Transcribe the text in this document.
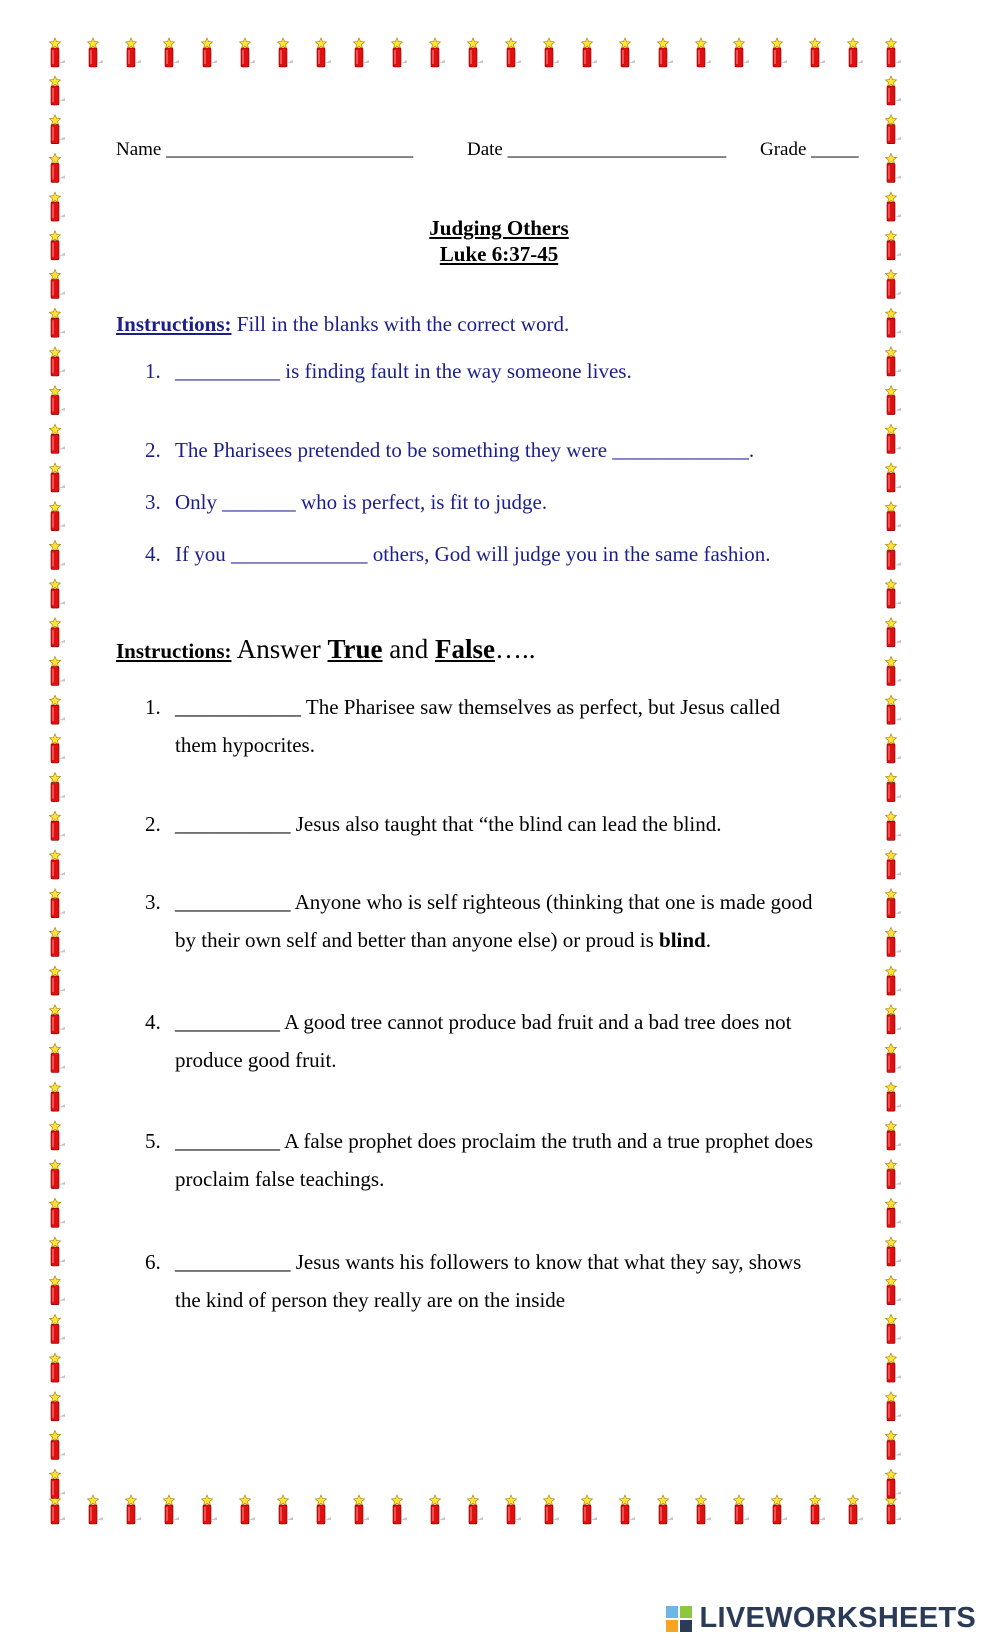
Name __________________________	Date _______________________ Grade _____
Judging Others
Luke 6:37-45
Instructions: Fill in the blanks with the correct word.
1. __________ is finding fault in the way someone lives.
2. The Pharisees pretended to be something they were _____________.
3. Only _______ who is perfect, is fit to judge.
4. If you _____________ others, God will judge you in the same fashion.
Instructions: Answer True and False…..
1. ____________ The Pharisee saw themselves as perfect, but Jesus called
them hypocrites.
2. ___________ Jesus also taught that “the blind can lead the blind.
3. ___________ Anyone who is self righteous (thinking that one is made good
by their own self and better than anyone else) or proud is blind.
4. __________ A good tree cannot produce bad fruit and a bad tree does not
produce good fruit.
5. __________ A false prophet does proclaim the truth and a true prophet does
proclaim false teachings.
6. ___________ Jesus wants his followers to know that what they say, shows
the kind of person they really are on the inside
LIVEWORKSHEETS
